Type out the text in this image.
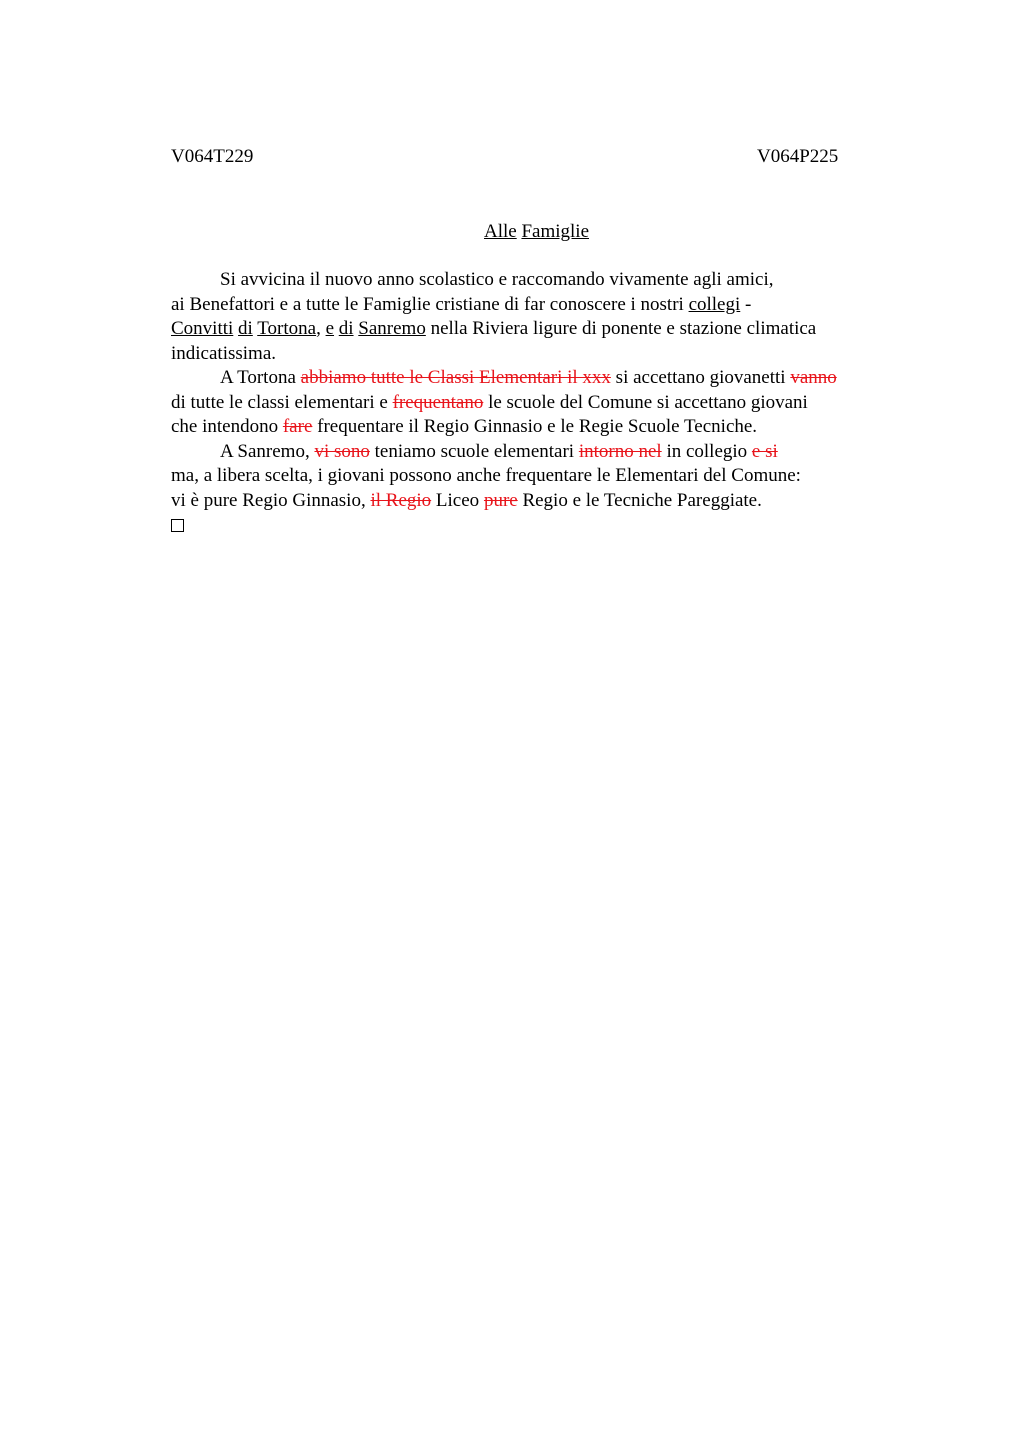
V064T229	V064P225
Alle Famiglie
Si avvicina il nuovo anno scolastico e raccomando vivamente agli amici,
ai Benefattori e a tutte le Famiglie cristiane di far conoscere i nostri collegi -
Convitti di Tortona, e di Sanremo nella Riviera ligure di ponente e stazione climatica
indicatissima.
A Tortona abbiamo tutte le Classi Elementari il xxx si accettano giovanetti vanno
di tutte le classi elementari e frequentano le scuole del Comune si accettano giovani
che intendono fare frequentare il Regio Ginnasio e le Regie Scuole Tecniche.
A Sanremo, vi sono teniamo scuole elementari intorno nel in collegio e si
ma, a libera scelta, i giovani possono anche frequentare le Elementari del Comune:
vi è pure Regio Ginnasio, il Regio Liceo pure Regio e le Tecniche Pareggiate.
